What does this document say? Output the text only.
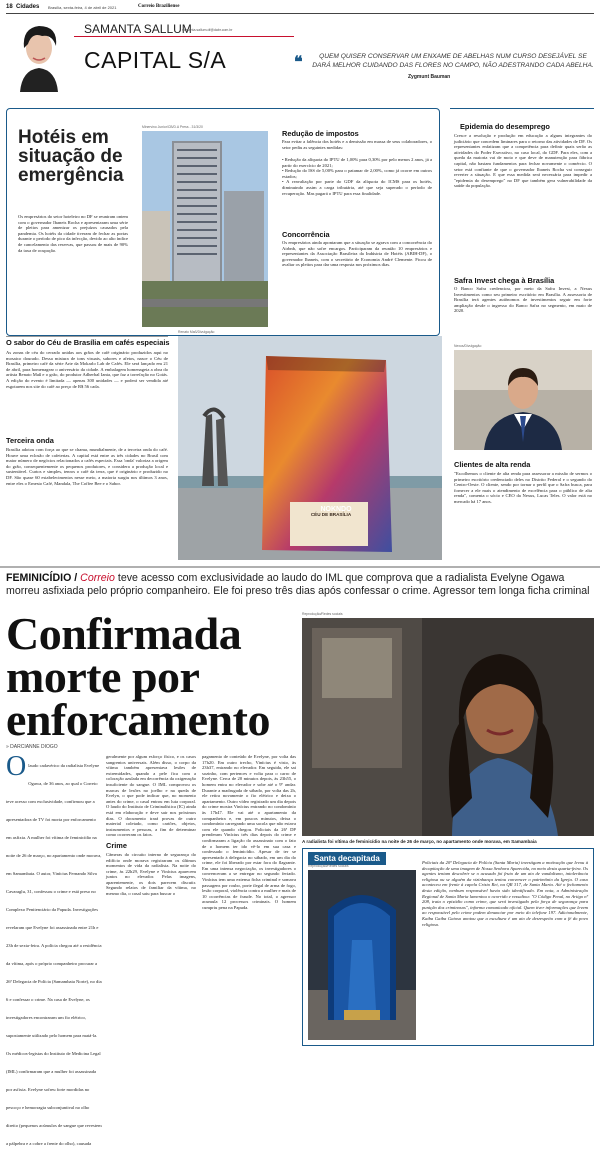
18 Cidades Brasília, sexta-feira, 4 de abril de 2021	Correio Braziliense
SAMANTA SALLUM
samanta.sallum.df@dabr.com.br
CAPITAL S/A	❝	QUEM QUISER CONSERVAR UM ENXAME DE ABELHAS NUM CURSO DESEJÁVEL SE DARÁ MELHOR CUIDANDO DAS FLORES NO CAMPO, NÃO ADESTRANDO CADA ABELHA.
Zygmunt Bauman
Hotéis em situação de emergência
Os empresários do setor hoteleiro no DF se reuniram ontem com o governador Ibaneis Rocha e apresentaram uma série de pleitos para amenizar os prejuízos causados pela pandemia. Os hotéis da cidade tiveram de fechar as portas durante o período de pico da infecção, devido ao alto índice de cancelamento das reservas, que passou de mais de 90% da taxa de ocupação.
Minervino Junior/CB/D.A Press - 31/3/20
Redução de impostos
Para evitar a falência dos hotéis e a demissão em massa de seus colaboradores, o setor pediu as seguintes medidas:
• Redução da alíquota do IPTU de 1,00% para 0,30% por pelo menos 2 anos, já a partir do exercício de 2021;
• Redução do ISS de 5,00% para o patamar de 2,00%, como já ocorre em outros estados;
• A reavaliação por parte do GDF da alíquota do ICMS para os hotéis, diminuindo assim a carga tributária, até que seja superado o período de recuperação. Mas pagará o IPTU para essa finalidade.
Concorrência
Os empresários ainda apontaram que a situação se agrava com a concorrência do Airbnb, que não sofre encargos. Participaram da reunião 10 empresários e representantes da Associação Brasileira da Indústria de Hotéis (ABIH-DF), o governador Ibaneis, com o secretário de Economia André Clemente. Ficou de avaliar os pleitos para dar uma resposta nos próximos dias.
Epidemia do desemprego
Cresce a resolução e produção em educação a alguns integrantes do judiciário que concedem liminares para o retorno das atividades de DF. Os representantes enfatizam que a competência para definir quais serão as atividades do Poder Executivo, no caso local, do GDF. Para eles, com a queda da maioria vai de moto e que deve de manutenção para fábrica capital, não bastam fundamentos para fechar novamente o comércio. O setor está confiante de que o governador Ibaneis Rocha vai conseguir reverter a situação. E que essa medida será necessária para impedir a "epidemia do desemprego" no DF que também gera vulnerabilidade da saúde da população.
Safra Invest chega à Brasília
O Banco Safra credenciou, por meio da Safra Invest, a Nexus Investimentos como seu primeiro escritório em Brasília. A assessoria de Brasília terá agentes autônomos de investimentos seguir em forte ampliação desde o ingresso do Banco Safra no segmento, em maio de 2020.
Nexus/Divulgação
Clientes de alta renda
"Escolhemos o cliente de alta renda para assessorar a missão de sermos o primeiro escritório credenciado deles no Distrito Federal e o segundo do Centro-Oeste. O cliente, sendo por tornar o perfil que o Safra busca, para fornecer a ele mais o atendimento de excelência para o público de alta renda", comenta o sócio e CEO da Nexus, Lucas Teles. O valor está no mercado há 17 anos.
O sabor do Céu de Brasília em cafés especiais
As zonas de céu do cerrado unidas aos grãos de café originário produzidos aqui no mosaico dourado. Dessa mistura de tons visuais, sabores e afetos, nasce o Céu de Brasília, primeiro café da série Arte da Mokarlo Lab de Cafés. Ele será lançado em 21 de abril, para homenagear o aniversário da cidade. A embalagem homenageia a obra do artista Renato Maß e o grão, do produtor Adherbal Ianta, que faz a torrefação no Goiás. A edição do evento é limitada — apenas 300 unidades — e poderá ser vendida até esgotarem nos site do café ao preço de R$ 56 cada.
Terceira onda
Brasília adotou com força ao que se chama, mundialmente, de a terceira onda do café. Houve uma eclosão de cafeterias. A capital está entre as três cidades no Brasil com maior número de negócios relacionados a cafés especiais. Essa 'onda' valoriza a origem do grão, consequentemente os pequenos produtores, e considera a produção local e sustentável. Curtos e simples, tenros o café da terra, que é originário e produzido no DF. São quase 60 estabelecimentos nesse meio, a maioria surgiu nos últimos 3 anos, entre eles o Ernesto Café, Mandala, The Coffee Bee e o Sabor.
Renato Maß/Divulgação
NOKNDO
CÉU DE BRASÍLIA
FEMINICÍDIO / Correio teve acesso com exclusividade ao laudo do IML que comprova que a radialista Evelyne Ogawa morreu asfixiada pelo próprio companheiro. Ele foi preso três dias após confessar o crime. Agressor tem longa ficha criminal
Confirmada morte por enforcamento
» DARCIANNE DIOGO
O laudo cadavérico da radialista Evelyne Ogawa, de 36 anos, ao qual o Correio teve acesso com exclusividade, confirmou que a apresentadora de TV foi morta por enforcamento em asfixia. A mulher foi vítima de feminicídio na noite de 26 de março, no apartamento onde morava, em Samambaia. O autor, Vinícius Fernando Silva Cavaraglu, 31, confessou o crime e está preso no Complexo Penitenciário da Papuda. Investigações revelaram que Evelyne foi assassinada entre 21h e 23h de sexta-feira. A polícia chegou até a residência da vítima, após o próprio companheiro procurar a 26ª Delegacia de Polícia (Samambaia Norte), no dia 6 e confessar o crime. Na casa de Evelyne, os investigadores encontraram um fio elétrico, supostamente utilizado pelo homem para matá-la. Os médicos-legistas do Instituto de Medicina Legal (IML) confirmaram que a mulher foi assassinada por asfixia. Evelyne sofreu forte mordidas no pescoço e hemorragia subconjuntival no olho direito (pequenos acúmulos de sangue que revestem a pálpebra e a cobre a frente do olho), causada
geralmente por algum esforço físico, e os casos sangrentos universais. Além disso, o corpo da vítima também apresentava lesões de extremidades, quando a pele fica com a coloração azulada em decorrência da oxigenação insuficiente do sangue. O IML comprovou os marcas de lesões no joelho e na queda de Evelyn, o que pode indicar que, no momento antes do crime, o casal entrou em luta corporal. O laudo do Instituto de Criminalística (IC) ainda está em elaboração e deve sair nos próximos dias. O documento trará provas de outro material coletado, como cartões, objetos, instrumentos e pessoas, a fim de determinar como ocorreram os fatos.
Crime
Câmeras do circuito interno de segurança do edifício onde morava registraram os últimos momentos de vida da radialista. Na noite do crime, às 22h29, Evelyne e Vinícius aparecem juntos no elevador. Pelas imagens, aparentemente, os dois parecem discutir. Segundo relatos de familiar da vítima, no mesmo dia, o casal saiu para buscar o
pagamento de conteúdo de Evelyne, por volta das 17h20. Em outro trecho, Vinícius é visto, às 23h37, entrando no elevador. Em seguida, ele sai sozinho, com pertences e volta para o carro de Evelyne. Cerca de 20 minutos depois, às 23h55, o homem entra no elevador e sobe até o 9º andar. Durante a madrugada de sábado, por volta das 2h, ele retira novamente o fio elétrico e deixa o apartamento. Outro vídeo registrado um dia depois do crime mostra Vinícius entrando no condomínio às 17h47. Ele vai até o apartamento da companheira e, em poucos minutos, deixa o condomínio carregando uma sacola que não estava com ele quando chegou. Policiais da 26ª DP prenderam Vinícius três dias depois do crime e confirmaram a ligação do assassinato com o fato de o homem ter ido vê-lo em sua casa e confessado o feminicídio. Apesar de ter se apresentado à delegacia no sábado, em um dia do crime, ele foi liberado por estar fora do flagrante. Em uma intensa negociação, os investigadores o convenceram a se entregar no segundo feriado. Vinícius tem uma extensa ficha criminal e somava passagens por roubo, porte ilegal de arma de fogo, lesão corporal, violência contra a mulher e mais de 10 ocorrências de fraude. No total, o agressor acumula 12 processos criminais. O homem cumpriu pena na Papuda.
Reprodução/Redes sociais
A radialista foi vítima de feminicídio na noite de 26 de março, no apartamento onde morava, em Samambaia
Santa decapitada
Reprodução/Redes sociais
Policiais da 20ª Delegacia de Polícia (Santa Maria) investigam a motivação que levou à decapitação de uma imagem de Nossa Senhora Aparecida, no meio desta quarta-feira. Os agentes tentam descobrir se o acusado foi fruto de um ato de vandalismo, intolerância religiosa ou se alguém da vizinhança tentou convencer o patrimônio da Igreja. O caso aconteceu em frente à capela Cristo Rei, na QR 317, de Santa Maria. Até o fechamento desta edição, nenhum responsável havia sido identificado. Em nota, a Administração Regional de Santa Maria lamentou o ocorrido e ressaltou: "O Código Penal, no Artigo nº 208, trata o episódio como crime, que será investigado pela força de segurança para punição dos criminosos", informa comunicado oficial. Quem tiver informações que levem ao responsável pelo crime podem denunciar por meio do telefone 197. Adicionalmente, Kaiba Gaiba Gaioso anotou que a escultura é um ato de desrespeito com a fé do povo religioso.
